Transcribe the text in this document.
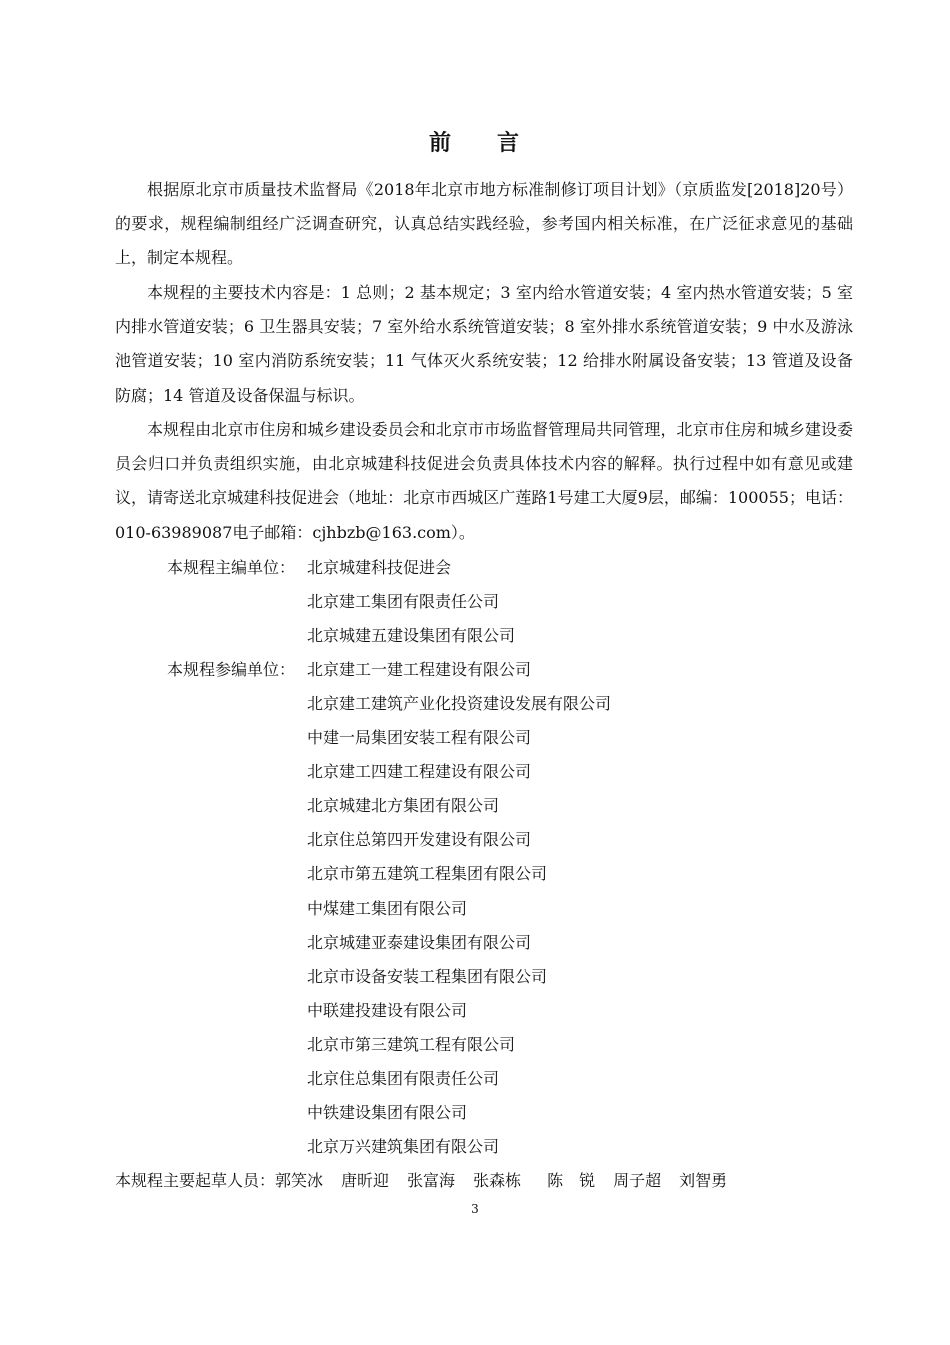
前 言

根据原北京市质量技术监督局《2018年北京市地方标准制修订项目计划》（京质监发[2018]20号）的要求，规程编制组经广泛调查研究，认真总结实践经验，参考国内相关标准，在广泛征求意见的基础上，制定本规程。

本规程的主要技术内容是：1 总则；2 基本规定；3 室内给水管道安装；4 室内热水管道安装；5 室内排水管道安装；6 卫生器具安装；7 室外给水系统管道安装；8 室外排水系统管道安装；9 中水及游泳池管道安装；10 室内消防系统安装；11 气体灭火系统安装；12 给排水附属设备安装；13 管道及设备防腐；14 管道及设备保温与标识。

本规程由北京市住房和城乡建设委员会和北京市市场监督管理局共同管理，北京市住房和城乡建设委员会归口并负责组织实施，由北京城建科技促进会负责具体技术内容的解释。执行过程中如有意见或建议，请寄送北京城建科技促进会（地址：北京市西城区广莲路1号建工大厦9层，邮编：100055；电话：010-63989087电子邮箱：cjhbzb@163.com）。

本规程主编单位： 北京城建科技促进会
北京建工集团有限责任公司
北京城建五建设集团有限公司
本规程参编单位： 北京建工一建工程建设有限公司
北京建工建筑产业化投资建设发展有限公司
中建一局集团安装工程有限公司
北京建工四建工程建设有限公司
北京城建北方集团有限公司
北京住总第四开发建设有限公司
北京市第五建筑工程集团有限公司
中煤建工集团有限公司
北京城建亚泰建设集团有限公司
北京市设备安装工程集团有限公司
中联建投建设有限公司
北京市第三建筑工程有限公司
北京住总集团有限责任公司
中铁建设集团有限公司
北京万兴建筑集团有限公司
本规程主要起草人员：郭笑冰 唐昕迎 张富海 张森栋 陈锐 周子超 刘智勇
3
